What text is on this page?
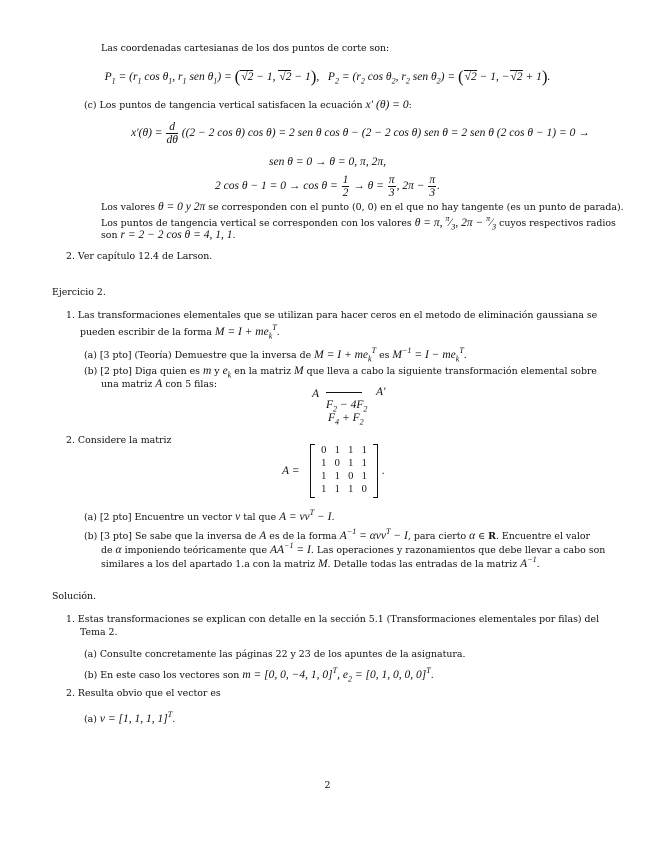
Las coordenadas cartesianas de los dos puntos de corte son:
$P_1 = (r_1$ $\cos \theta_1$, $r_1$ sen $\theta_1) = (√2 - 1$, √2 − 1),   $P_2 = (r_2$ $\cos \theta_2$, $r_2$ sen $\theta_2) = (√2 - 1$, −√2 + 1).
(c) Los puntos de tangencia vertical satisfacen la ecuación x′ (θ) = 0:
$x'(\theta) = \frac{d}{d\theta} ((2 - 2$ cos θ) cos θ) = 2 sen θ cos θ − (2 − 2 cos θ) sen θ = 2 sen θ (2 cos θ − 1) = 0 →
sen θ = 0 → θ = 0, π, 2π,
2 $\cos \theta - 1 = 0 \to \cos \theta = \frac{1}{2} \to \theta = \frac{\pi}{3}$ , $2\pi - \frac{\pi}{3}$ .
Los valores θ = 0 y 2π se corresponden con el punto (0, 0) en el que no hay tangente (es un punto de parada).
Los puntos de tangencia vertical se corresponden con los valores θ = π, $^\pi⁄_3$, $2\pi - ^\pi⁄_3$ cuyos respectivos radios
son r = 2 − 2 cos θ = 4, 1, 1.
2. Ver capítulo 12.4 de Larson.
Ejercicio 2.
1. Las transformaciones elementales que se utilizan para hacer ceros en el metodo de eliminación gaussiana se
pueden escribir de la forma $M = I + me_k^T$.
(a) [3 pto] (Teoría) Demuestre que la inversa de $M = I + me_k^T$ es $M^{-1} = I - me_k^T$.
(b) [2 pto] Diga quien es m y $e_k$ en la matriz M que lleva a cabo la siguiente transformación elemental sobre
una matriz A con 5 filas:
A	A′
$F_2 - 4F_2$
$F_4 + F_2$
2. Considere la matriz
A =
0 1 1 1
1 0 1 1
1 1 0 1
1 1 1 0
.
(a) [2 pto] Encuentre un vector v tal que $A = vv^T - I$.
(b) [3 pto] Se sabe que la inversa de A es de la forma $A^{-1} = \alpha vv^T - I$, para cierto α ∈ R. Encuentre el valor
de α imponiendo teóricamente que $AA^{-1} = I$. Las operaciones y razonamientos que debe llevar a cabo son
similares a los del apartado 1.a con la matriz M. Detalle todas las entradas de la matriz $A^{-1}$.
Solución.
1. Estas transformaciones se explican con detalle en la sección 5.1 (Transformaciones elementales por filas) del
Tema 2.
(a) Consulte concretamente las páginas 22 y 23 de los apuntes de la asignatura.
(b) En este caso los vectores son m = [0, 0, −4, 1, 0]$^T$, $e_2 = [0$, 1, 0, 0, 0]$^T$.
2. Resulta obvio que el vector es
(a) v = [1, 1, 1, 1]$^T$.
2
